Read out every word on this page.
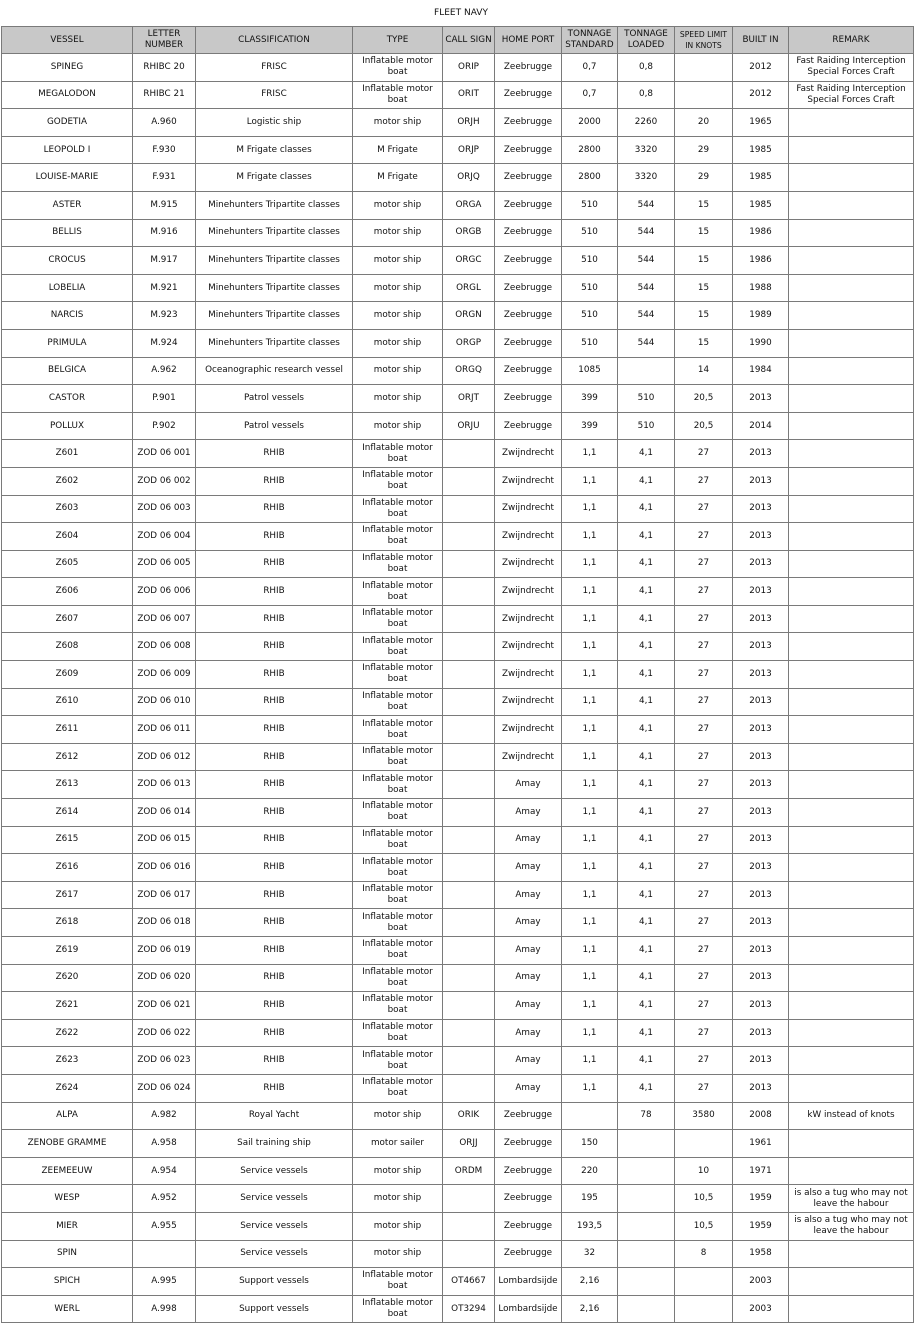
FLEET NAVY
VESSEL	LETTER NUMBER	CLASSIFICATION	TYPE	CALL SIGN	HOME PORT	TONNAGE STANDARD	TONNAGE LOADED	SPEED LIMIT IN KNOTS	BUILT IN	REMARK
SPINEG	RHIBC 20	FRISC	Inflatable motor boat	ORIP	Zeebrugge	0,7	0,8		2012	Fast Raiding Interception Special Forces Craft
MEGALODON	RHIBC 21	FRISC	Inflatable motor boat	ORIT	Zeebrugge	0,7	0,8		2012	Fast Raiding Interception Special Forces Craft
GODETIA	A.960	Logistic ship	motor ship	ORJH	Zeebrugge	2000	2260	20	1965	
LEOPOLD I	F.930	M Frigate classes	M Frigate	ORJP	Zeebrugge	2800	3320	29	1985	
LOUISE-MARIE	F.931	M Frigate classes	M Frigate	ORJQ	Zeebrugge	2800	3320	29	1985	
ASTER	M.915	Minehunters Tripartite classes	motor ship	ORGA	Zeebrugge	510	544	15	1985	
BELLIS	M.916	Minehunters Tripartite classes	motor ship	ORGB	Zeebrugge	510	544	15	1986	
CROCUS	M.917	Minehunters Tripartite classes	motor ship	ORGC	Zeebrugge	510	544	15	1986	
LOBELIA	M.921	Minehunters Tripartite classes	motor ship	ORGL	Zeebrugge	510	544	15	1988	
NARCIS	M.923	Minehunters Tripartite classes	motor ship	ORGN	Zeebrugge	510	544	15	1989	
PRIMULA	M.924	Minehunters Tripartite classes	motor ship	ORGP	Zeebrugge	510	544	15	1990	
BELGICA	A.962	Oceanographic research vessel	motor ship	ORGQ	Zeebrugge	1085		14	1984	
CASTOR	P.901	Patrol vessels	motor ship	ORJT	Zeebrugge	399	510	20,5	2013	
POLLUX	P.902	Patrol vessels	motor ship	ORJU	Zeebrugge	399	510	20,5	2014	
Z601	ZOD 06 001	RHIB	Inflatable motor boat		Zwijndrecht	1,1	4,1	27	2013	
Z602	ZOD 06 002	RHIB	Inflatable motor boat		Zwijndrecht	1,1	4,1	27	2013	
Z603	ZOD 06 003	RHIB	Inflatable motor boat		Zwijndrecht	1,1	4,1	27	2013	
Z604	ZOD 06 004	RHIB	Inflatable motor boat		Zwijndrecht	1,1	4,1	27	2013	
Z605	ZOD 06 005	RHIB	Inflatable motor boat		Zwijndrecht	1,1	4,1	27	2013	
Z606	ZOD 06 006	RHIB	Inflatable motor boat		Zwijndrecht	1,1	4,1	27	2013	
Z607	ZOD 06 007	RHIB	Inflatable motor boat		Zwijndrecht	1,1	4,1	27	2013	
Z608	ZOD 06 008	RHIB	Inflatable motor boat		Zwijndrecht	1,1	4,1	27	2013	
Z609	ZOD 06 009	RHIB	Inflatable motor boat		Zwijndrecht	1,1	4,1	27	2013	
Z610	ZOD 06 010	RHIB	Inflatable motor boat		Zwijndrecht	1,1	4,1	27	2013	
Z611	ZOD 06 011	RHIB	Inflatable motor boat		Zwijndrecht	1,1	4,1	27	2013	
Z612	ZOD 06 012	RHIB	Inflatable motor boat		Zwijndrecht	1,1	4,1	27	2013	
Z613	ZOD 06 013	RHIB	Inflatable motor boat		Amay	1,1	4,1	27	2013	
Z614	ZOD 06 014	RHIB	Inflatable motor boat		Amay	1,1	4,1	27	2013	
Z615	ZOD 06 015	RHIB	Inflatable motor boat		Amay	1,1	4,1	27	2013	
Z616	ZOD 06 016	RHIB	Inflatable motor boat		Amay	1,1	4,1	27	2013	
Z617	ZOD 06 017	RHIB	Inflatable motor boat		Amay	1,1	4,1	27	2013	
Z618	ZOD 06 018	RHIB	Inflatable motor boat		Amay	1,1	4,1	27	2013	
Z619	ZOD 06 019	RHIB	Inflatable motor boat		Amay	1,1	4,1	27	2013	
Z620	ZOD 06 020	RHIB	Inflatable motor boat		Amay	1,1	4,1	27	2013	
Z621	ZOD 06 021	RHIB	Inflatable motor boat		Amay	1,1	4,1	27	2013	
Z622	ZOD 06 022	RHIB	Inflatable motor boat		Amay	1,1	4,1	27	2013	
Z623	ZOD 06 023	RHIB	Inflatable motor boat		Amay	1,1	4,1	27	2013	
Z624	ZOD 06 024	RHIB	Inflatable motor boat		Amay	1,1	4,1	27	2013	
ALPA	A.982	Royal Yacht	motor ship	ORIK	Zeebrugge		78	3580	2008	kW instead of knots
ZENOBE GRAMME	A.958	Sail training ship	motor sailer	ORJJ	Zeebrugge	150			1961	
ZEEMEEUW	A.954	Service vessels	motor ship	ORDM	Zeebrugge	220		10	1971	
WESP	A.952	Service vessels	motor ship		Zeebrugge	195		10,5	1959	is also a tug who may not leave the habour
MIER	A.955	Service vessels	motor ship		Zeebrugge	193,5		10,5	1959	is also a tug who may not leave the habour
SPIN		Service vessels	motor ship		Zeebrugge	32		8	1958	
SPICH	A.995	Support vessels	Inflatable motor boat	OT4667	Lombardsijde	2,16			2003	
WERL	A.998	Support vessels	Inflatable motor boat	OT3294	Lombardsijde	2,16			2003	
